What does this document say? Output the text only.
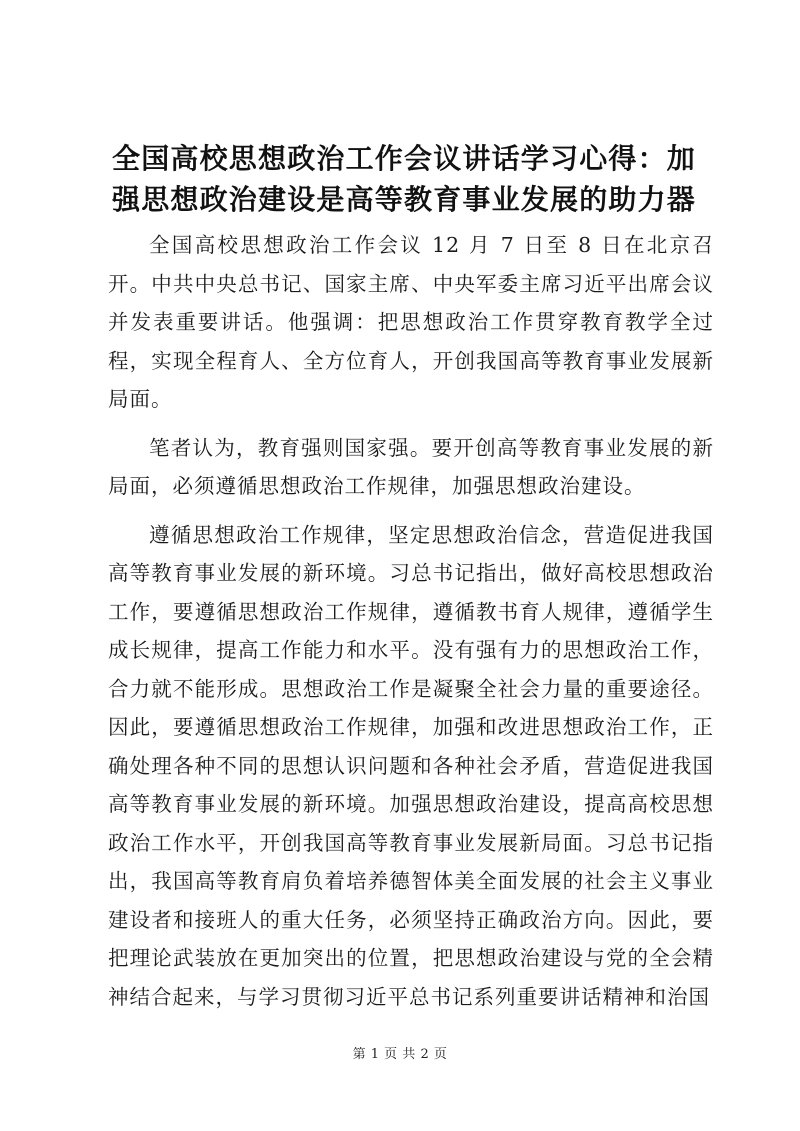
全国高校思想政治工作会议讲话学习心得：加强思想政治建设是高等教育事业发展的助力器

全国高校思想政治工作会议 12 月 7 日至 8 日在北京召开。中共中央总书记、国家主席、中央军委主席习近平出席会议并发表重要讲话。他强调：把思想政治工作贯穿教育教学全过程，实现全程育人、全方位育人，开创我国高等教育事业发展新局面。

笔者认为，教育强则国家强。要开创高等教育事业发展的新局面，必须遵循思想政治工作规律，加强思想政治建设。

遵循思想政治工作规律，坚定思想政治信念，营造促进我国高等教育事业发展的新环境。习总书记指出，做好高校思想政治工作，要遵循思想政治工作规律，遵循教书育人规律，遵循学生成长规律，提高工作能力和水平。没有强有力的思想政治工作，合力就不能形成。思想政治工作是凝聚全社会力量的重要途径。因此，要遵循思想政治工作规律，加强和改进思想政治工作，正确处理各种不同的思想认识问题和各种社会矛盾，营造促进我国高等教育事业发展的新环境。加强思想政治建设，提高高校思想政治工作水平，开创我国高等教育事业发展新局面。习总书记指出，我国高等教育肩负着培养德智体美全面发展的社会主义事业建设者和接班人的重大任务，必须坚持正确政治方向。因此，要把理论武装放在更加突出的位置，把思想政治建设与党的全会精神结合起来，与学习贯彻习近平总书记系列重要讲话精神和治国

第 1 页 共 2 页
